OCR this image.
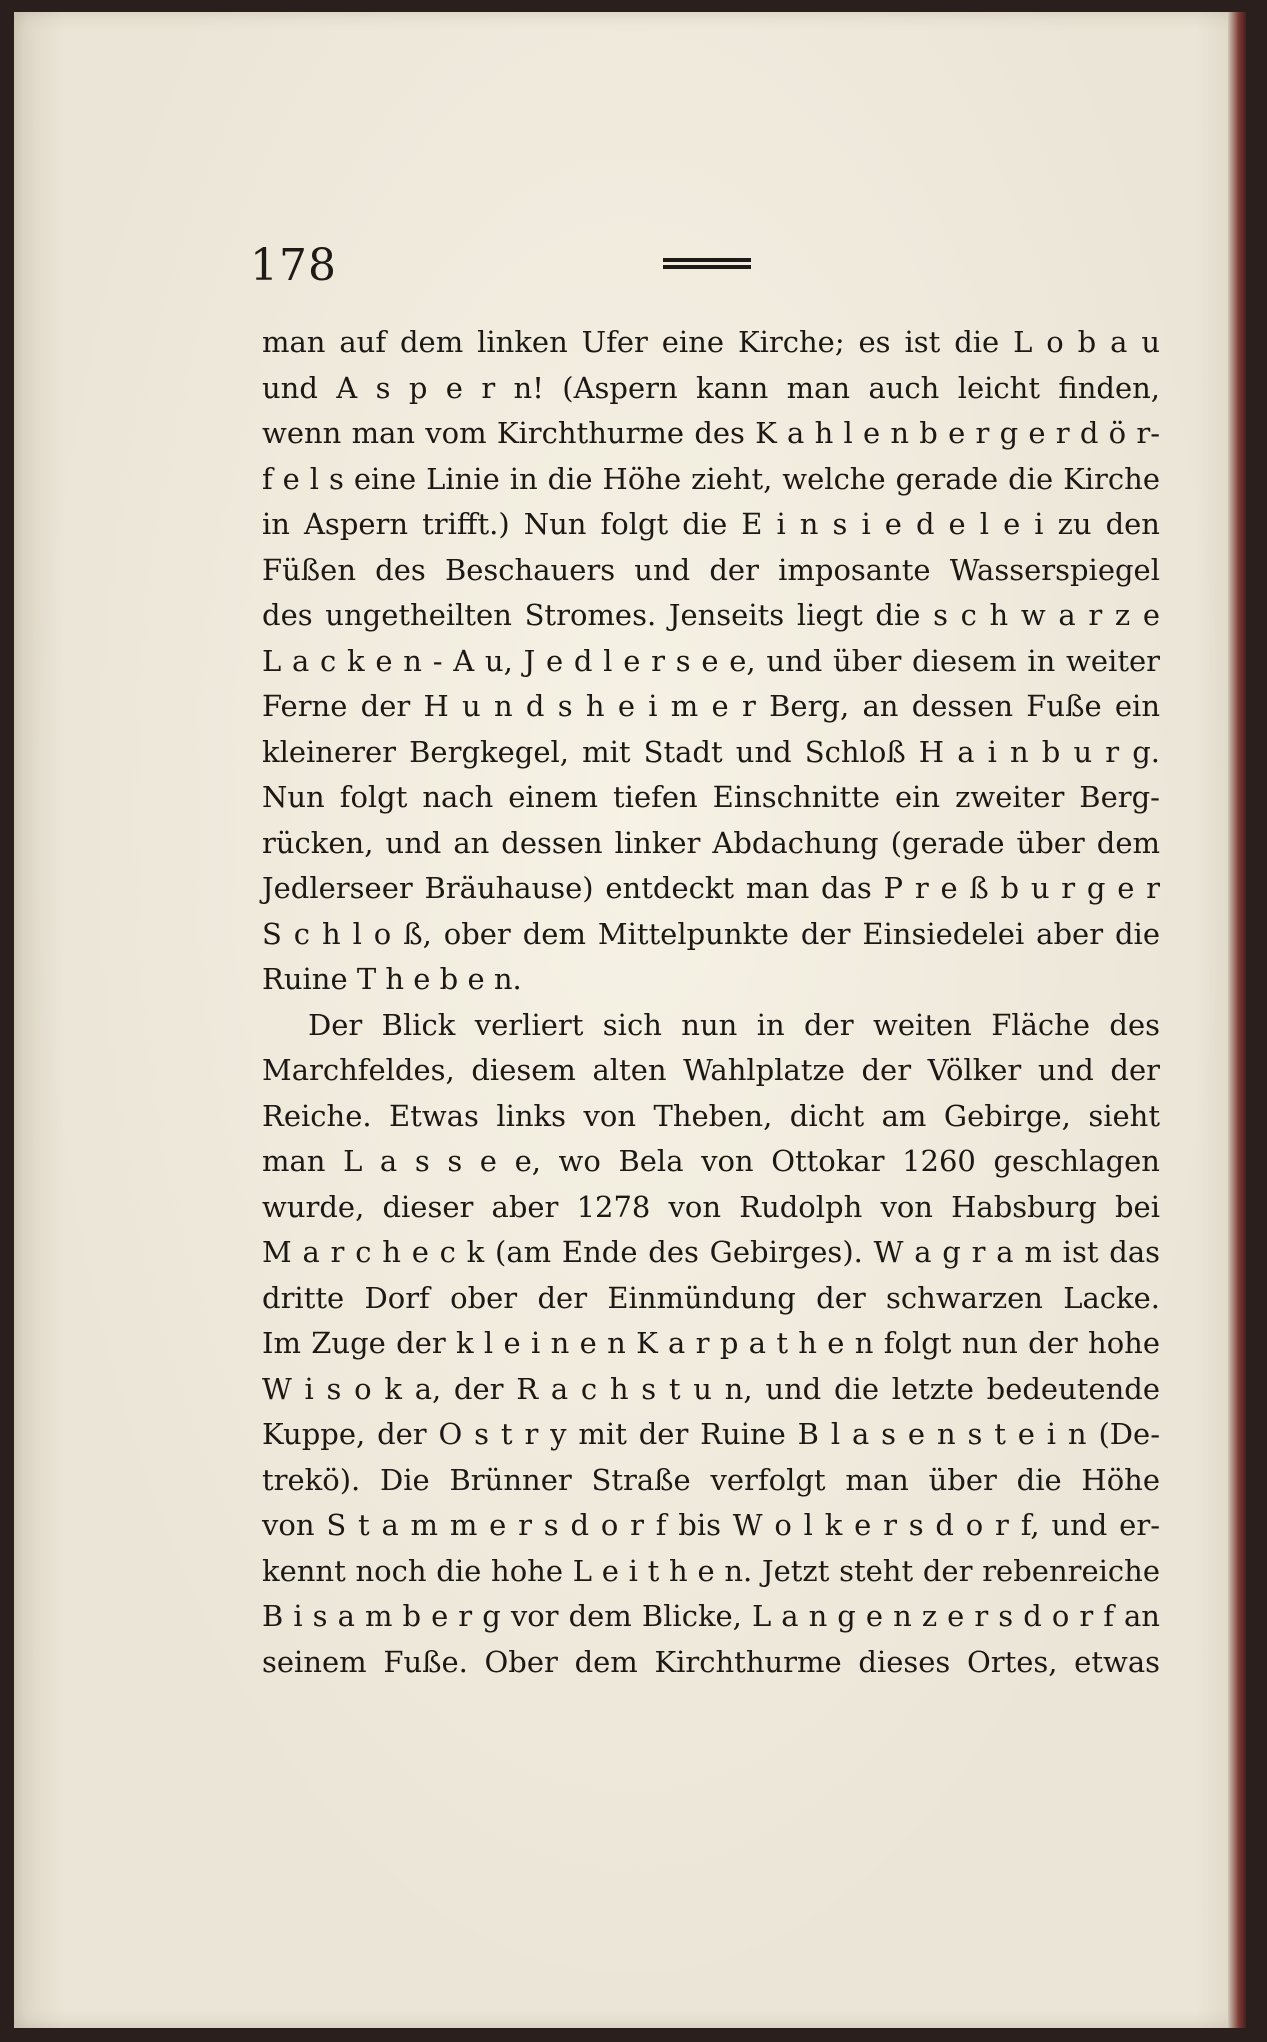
178
man auf dem linken Ufer eine Kirche; es ist die L o b a u
und A s p e r n! (Aspern kann man auch leicht finden,
wenn man vom Kirchthurme des K a h l e n b e r g e r d ö r-
f e l s eine Linie in die Höhe zieht, welche gerade die Kirche
in Aspern trifft.) Nun folgt die E i n s i e d e l e i zu den
Füßen des Beschauers und der imposante Wasserspiegel
des ungetheilten Stromes. Jenseits liegt die s c h w a r z e
L a c k e n - A u, J e d l e r s e e, und über diesem in weiter
Ferne der H u n d s h e i m e r Berg, an dessen Fuße ein
kleinerer Bergkegel, mit Stadt und Schloß H a i n b u r g.
Nun folgt nach einem tiefen Einschnitte ein zweiter Berg-
rücken, und an dessen linker Abdachung (gerade über dem
Jedlerseer Bräuhause) entdeckt man das P r e ß b u r g e r
S c h l o ß, ober dem Mittelpunkte der Einsiedelei aber die
Ruine T h e b e n.
Der Blick verliert sich nun in der weiten Fläche des
Marchfeldes, diesem alten Wahlplatze der Völker und der
Reiche. Etwas links von Theben, dicht am Gebirge, sieht
man L a s s e e, wo Bela von Ottokar 1260 geschlagen
wurde, dieser aber 1278 von Rudolph von Habsburg bei
M a r c h e c k (am Ende des Gebirges). W a g r a m ist das
dritte Dorf ober der Einmündung der schwarzen Lacke.
Im Zuge der k l e i n e n K a r p a t h e n folgt nun der hohe
W i s o k a, der R a c h s t u n, und die letzte bedeutende
Kuppe, der O s t r y mit der Ruine B l a s e n s t e i n (De-
trekö). Die Brünner Straße verfolgt man über die Höhe
von S t a m m e r s d o r f bis W o l k e r s d o r f, und er-
kennt noch die hohe L e i t h e n. Jetzt steht der rebenreiche
B i s a m b e r g vor dem Blicke, L a n g e n z e r s d o r f an
seinem Fuße. Ober dem Kirchthurme dieses Ortes, etwas
